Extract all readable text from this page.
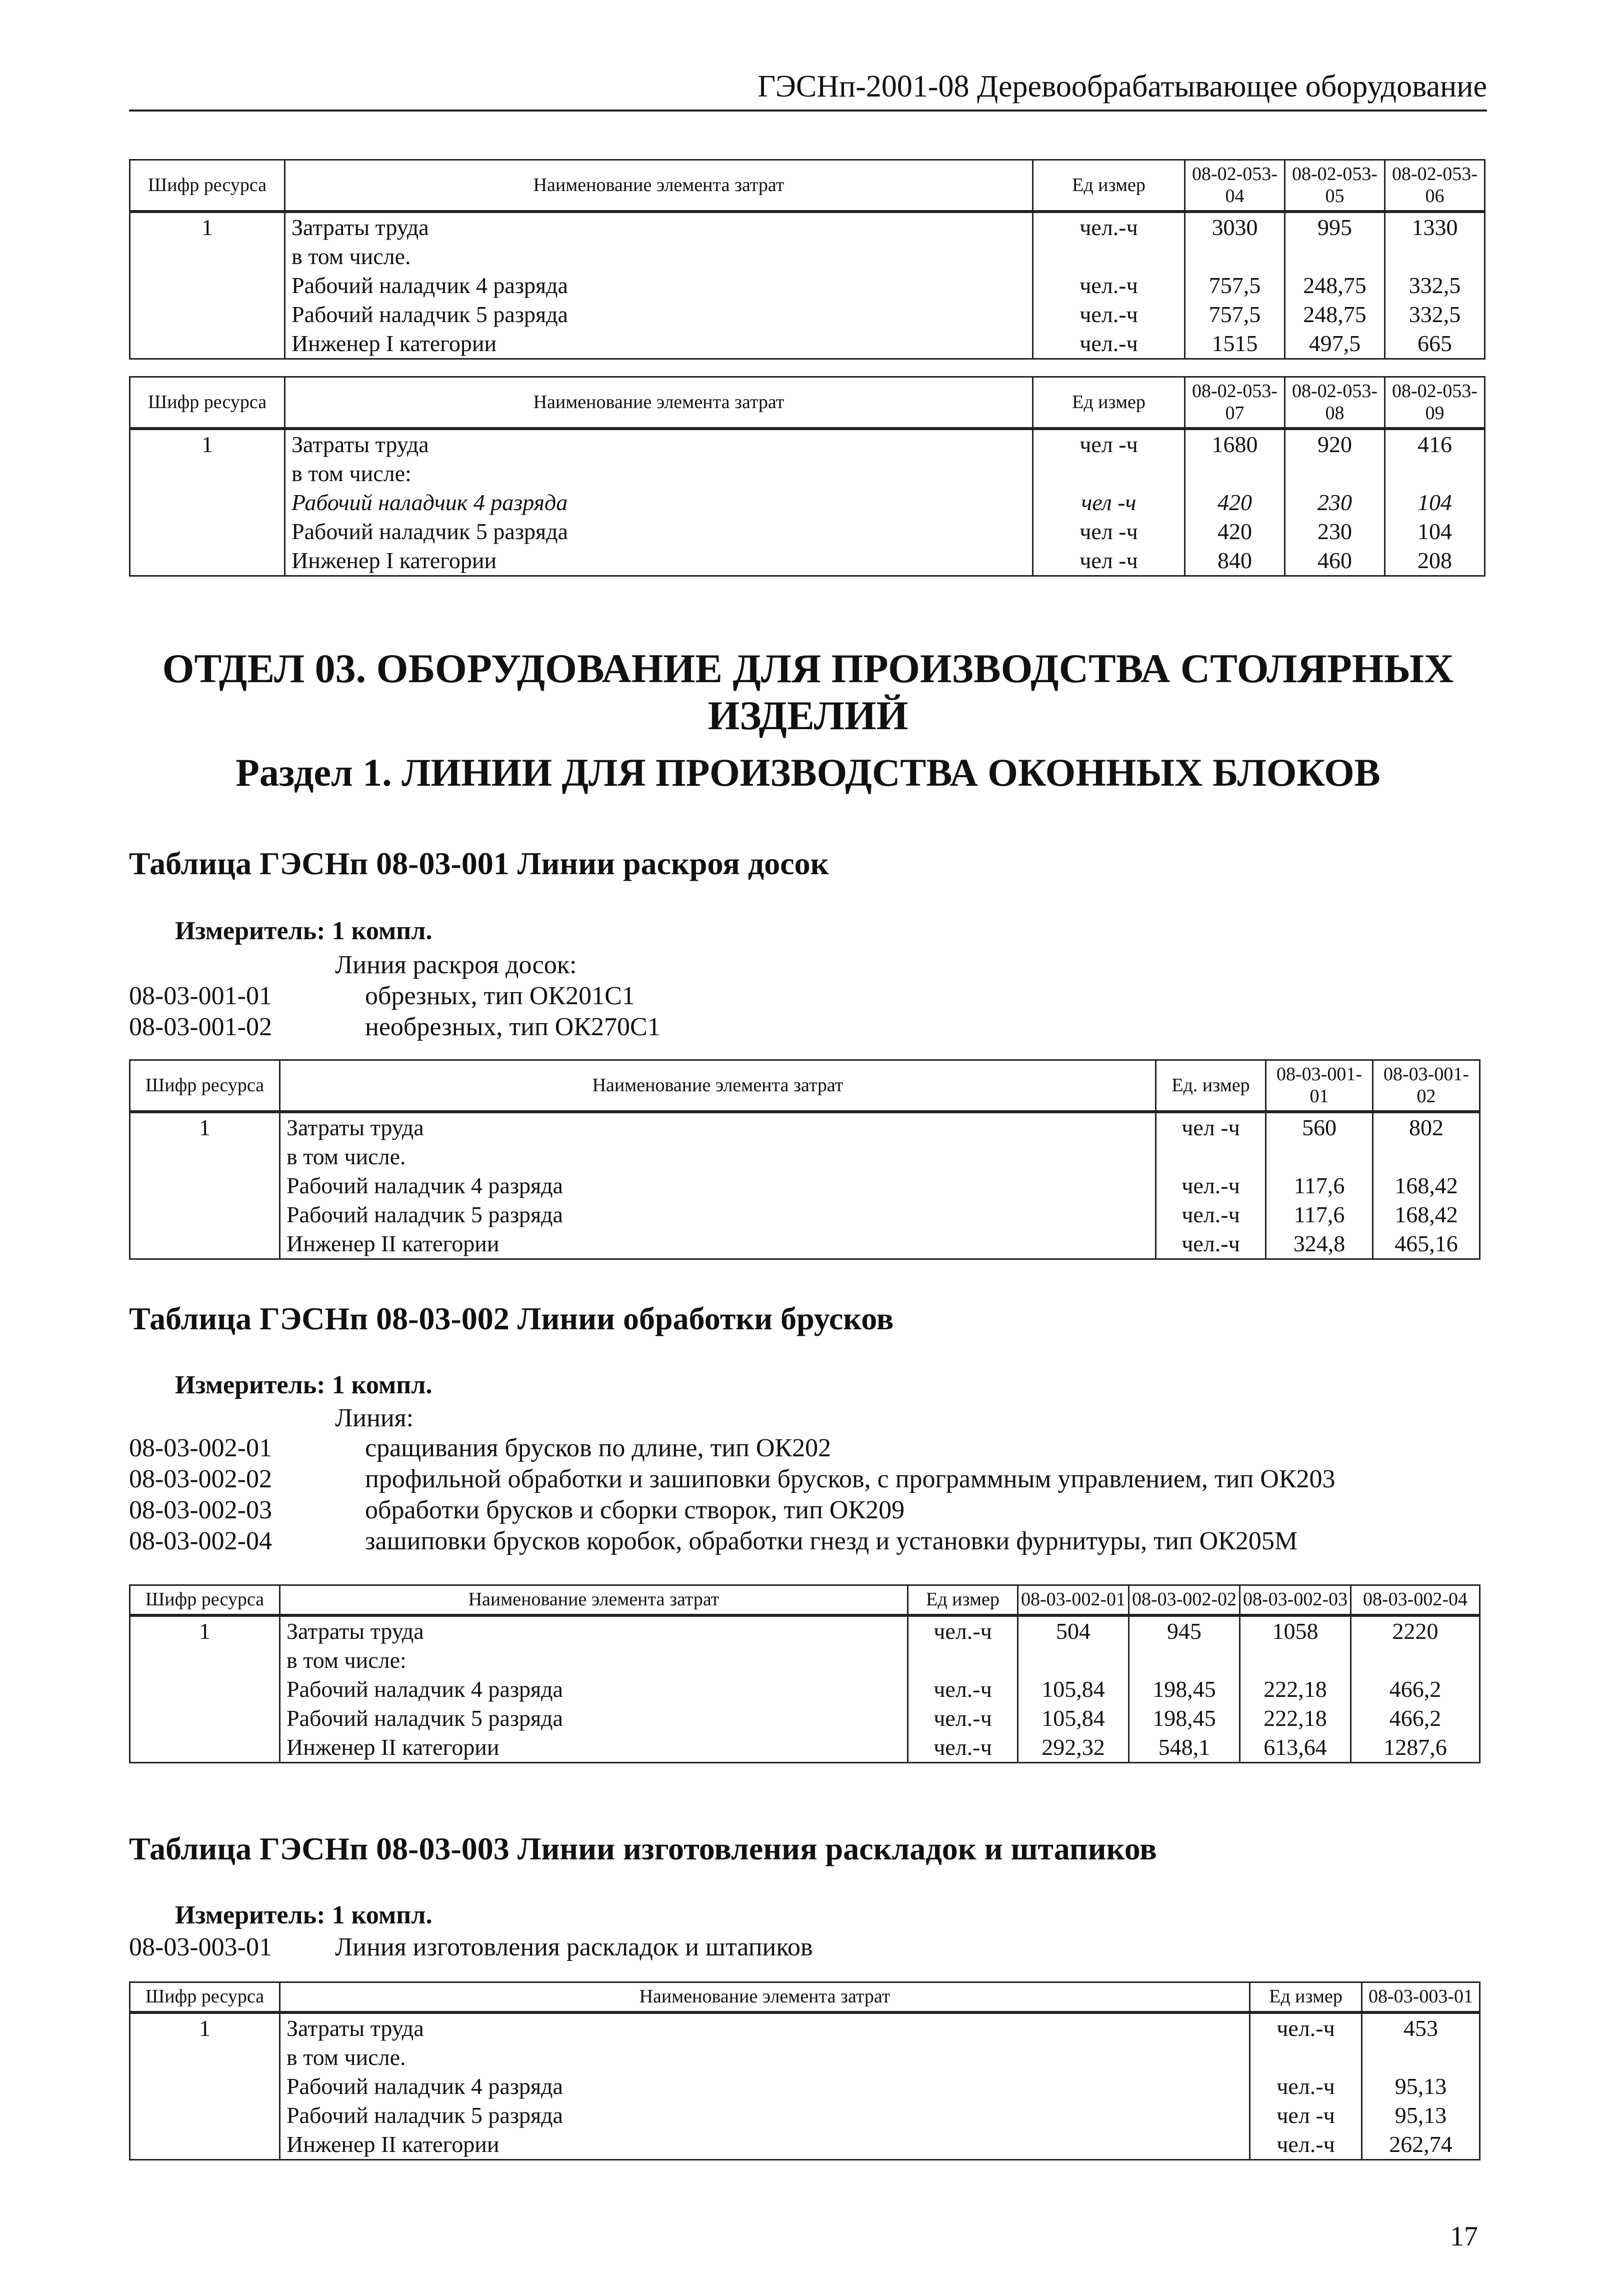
ГЭСНп-2001-08 Деревообрабатывающее оборудование
Шифр ресурса	Наименование элемента затрат	Ед измер	08-02-053-04	08-02-053-05	08-02-053-06
1	Затраты труда	чел.-ч	3030	995	1330
	в том числе.				
	Рабочий наладчик 4 разряда	чел.-ч	757,5	248,75	332,5
	Рабочий наладчик 5 разряда	чел.-ч	757,5	248,75	332,5
	Инженер I категории	чел.-ч	1515	497,5	665
Шифр ресурса	Наименование элемента затрат	Ед измер	08-02-053-07	08-02-053-08	08-02-053-09
1	Затраты труда	чел -ч	1680	920	416
	в том числе:				
	Рабочий наладчик 4 разряда	чел -ч	420	230	104
	Рабочий наладчик 5 разряда	чел -ч	420	230	104
	Инженер I категории	чел -ч	840	460	208
ОТДЕЛ 03. ОБОРУДОВАНИЕ ДЛЯ ПРОИЗВОДСТВА СТОЛЯРНЫХ ИЗДЕЛИЙ
Раздел 1. ЛИНИИ ДЛЯ ПРОИЗВОДСТВА ОКОННЫХ БЛОКОВ
Таблица ГЭСНп 08-03-001 Линии раскроя досок
Измеритель: 1 компл.
Линия раскроя досок:
08-03-001-01	обрезных, тип ОК201С1
08-03-001-02	необрезных, тип ОК270С1
Шифр ресурса	Наименование элемента затрат	Ед. измер	08-03-001-01	08-03-001-02
1	Затраты труда	чел -ч	560	802
	в том числе.			
	Рабочий наладчик 4 разряда	чел.-ч	117,6	168,42
	Рабочий наладчик 5 разряда	чел.-ч	117,6	168,42
	Инженер II категории	чел.-ч	324,8	465,16
Таблица ГЭСНп 08-03-002 Линии обработки брусков
Измеритель: 1 компл.
Линия:
08-03-002-01	сращивания брусков по длине, тип ОК202
08-03-002-02	профильной обработки и зашиповки брусков, с программным управлением, тип ОК203
08-03-002-03	обработки брусков и сборки створок, тип ОК209
08-03-002-04	зашиповки брусков коробок, обработки гнезд и установки фурнитуры, тип ОК205М
Шифр ресурса	Наименование элемента затрат	Ед измер	08-03-002-01	08-03-002-02	08-03-002-03	08-03-002-04
1	Затраты труда	чел.-ч	504	945	1058	2220
	в том числе:					
	Рабочий наладчик 4 разряда	чел.-ч	105,84	198,45	222,18	466,2
	Рабочий наладчик 5 разряда	чел.-ч	105,84	198,45	222,18	466,2
	Инженер II категории	чел.-ч	292,32	548,1	613,64	1287,6
Таблица ГЭСНп 08-03-003 Линии изготовления раскладок и штапиков
Измеритель: 1 компл.
08-03-003-01 Линия изготовления раскладок и штапиков
Шифр ресурса	Наименование элемента затрат	Ед измер	08-03-003-01
1	Затраты труда	чел.-ч	453
	в том числе.		
	Рабочий наладчик 4 разряда	чел.-ч	95,13
	Рабочий наладчик 5 разряда	чел -ч	95,13
	Инженер II категории	чел.-ч	262,74
17
